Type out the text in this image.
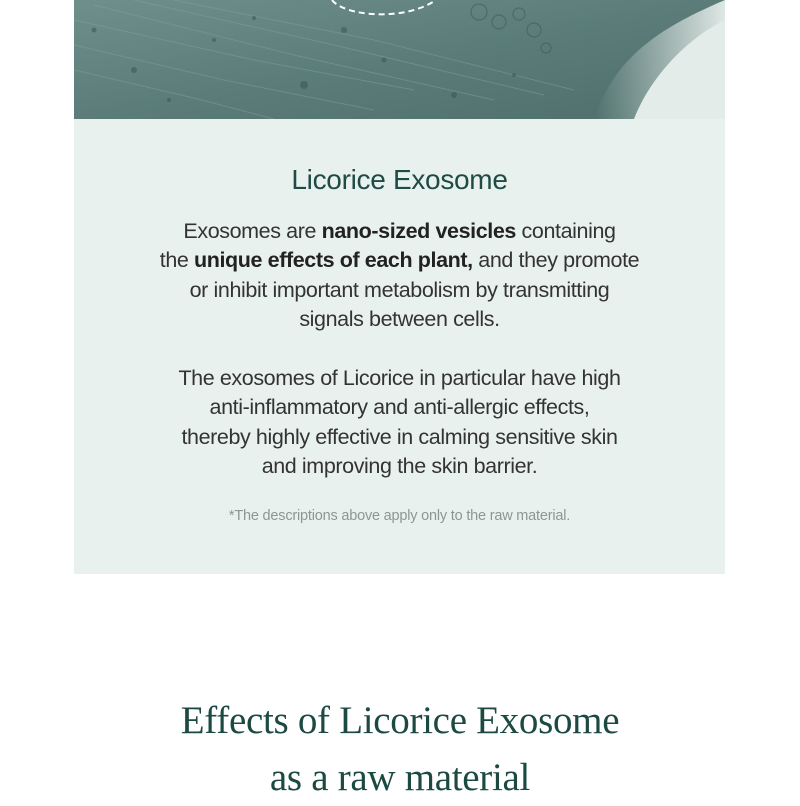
Licorice Exosome
Exosomes are nano-sized vesicles containing
the unique effects of each plant, and they promote
or inhibit important metabolism by transmitting
signals between cells.
The exosomes of Licorice in particular have high
anti-inflammatory and anti-allergic effects,
thereby highly effective in calming sensitive skin
and improving the skin barrier.
*The descriptions above apply only to the raw material.
Effects of Licorice Exosome
as a raw material
